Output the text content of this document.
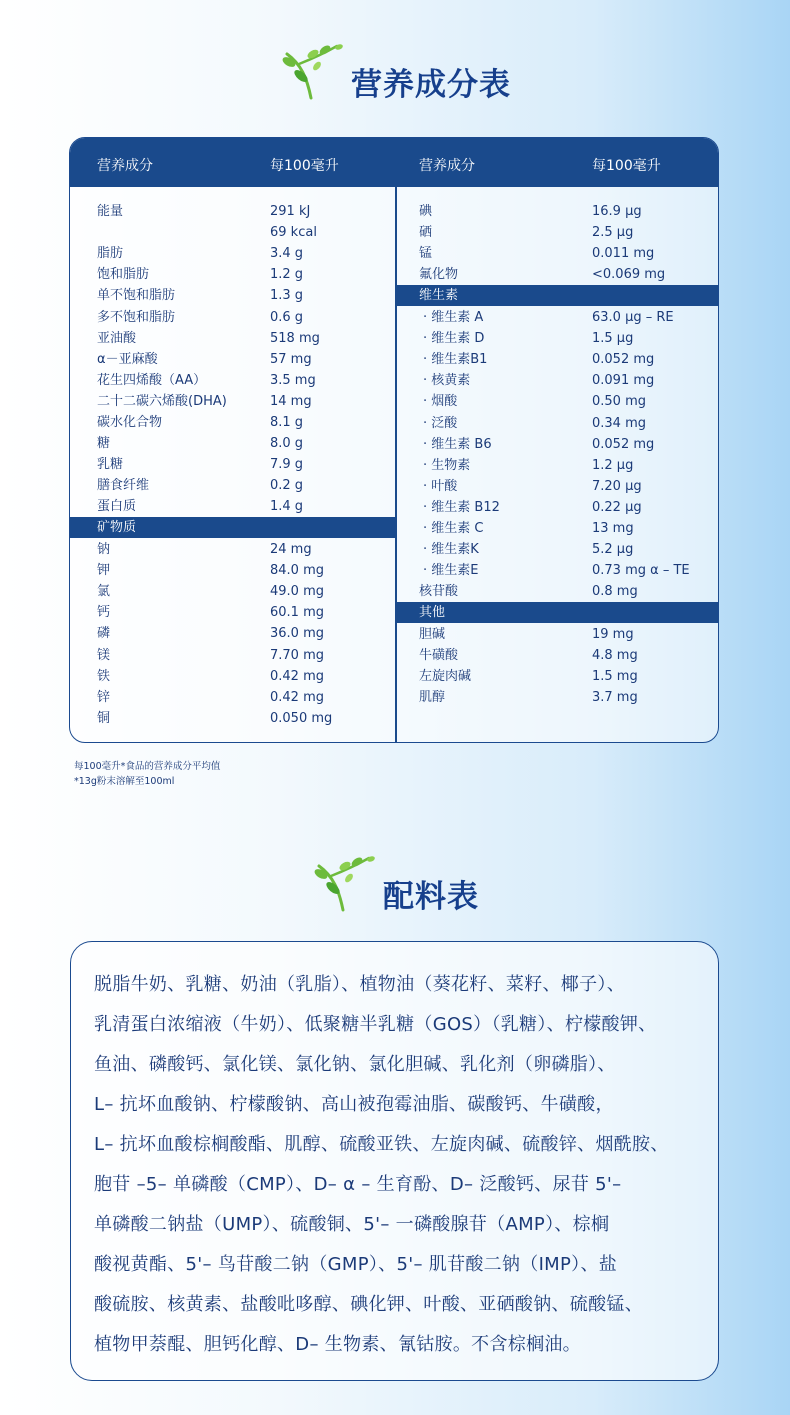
营养成分表
营养成分	每100毫升	营养成分	每100毫升
能量	291 kJ
69 kcal
脂肪	3.4 g
饱和脂肪	1.2 g
单不饱和脂肪	1.3 g
多不饱和脂肪	0.6 g
亚油酸	518 mg
α－亚麻酸	57 mg
花生四烯酸（AA）	3.5 mg
二十二碳六烯酸(DHA)	14 mg
碳水化合物	8.1 g
糖	8.0 g
乳糖	7.9 g
膳食纤维	0.2 g
蛋白质	1.4 g
矿物质
钠	24 mg
钾	84.0 mg
氯	49.0 mg
钙	60.1 mg
磷	36.0 mg
镁	7.70 mg
铁	0.42 mg
锌	0.42 mg
铜	0.050 mg
碘	16.9 μg
硒	2.5 μg
锰	0.011 mg
氟化物	<0.069 mg
维生素
· 维生素 A	63.0 μg – RE
· 维生素 D	1.5 μg
· 维生素B1	0.052 mg
· 核黄素	0.091 mg
· 烟酸	0.50 mg
· 泛酸	0.34 mg
· 维生素 B6	0.052 mg
· 生物素	1.2 μg
· 叶酸	7.20 μg
· 维生素 B12	0.22 μg
· 维生素 C	13 mg
· 维生素K	5.2 μg
· 维生素E	0.73 mg α – TE
核苷酸	0.8 mg
其他
胆碱	19 mg
牛磺酸	4.8 mg
左旋肉碱	1.5 mg
肌醇	3.7 mg
每100毫升*食品的营养成分平均值
*13g粉末溶解至100ml
配料表
脱脂牛奶、乳糖、奶油（乳脂）、植物油（葵花籽、菜籽、椰子）、
乳清蛋白浓缩液（牛奶）、低聚糖半乳糖（GOS）（乳糖）、柠檬酸钾、
鱼油、磷酸钙、氯化镁、氯化钠、氯化胆碱、乳化剂（卵磷脂）、
L– 抗坏血酸钠、柠檬酸钠、高山被孢霉油脂、碳酸钙、牛磺酸，
L– 抗坏血酸棕榈酸酯、肌醇、硫酸亚铁、左旋肉碱、硫酸锌、烟酰胺、
胞苷 –5– 单磷酸（CMP）、D– α – 生育酚、D– 泛酸钙、尿苷 5'–
单磷酸二钠盐（UMP）、硫酸铜、5'– 一磷酸腺苷（AMP）、棕榈
酸视黄酯、5'– 鸟苷酸二钠（GMP）、5'– 肌苷酸二钠（IMP）、盐
酸硫胺、核黄素、盐酸吡哆醇、碘化钾、叶酸、亚硒酸钠、硫酸锰、
植物甲萘醌、胆钙化醇、D– 生物素、氰钴胺。不含棕榈油。
